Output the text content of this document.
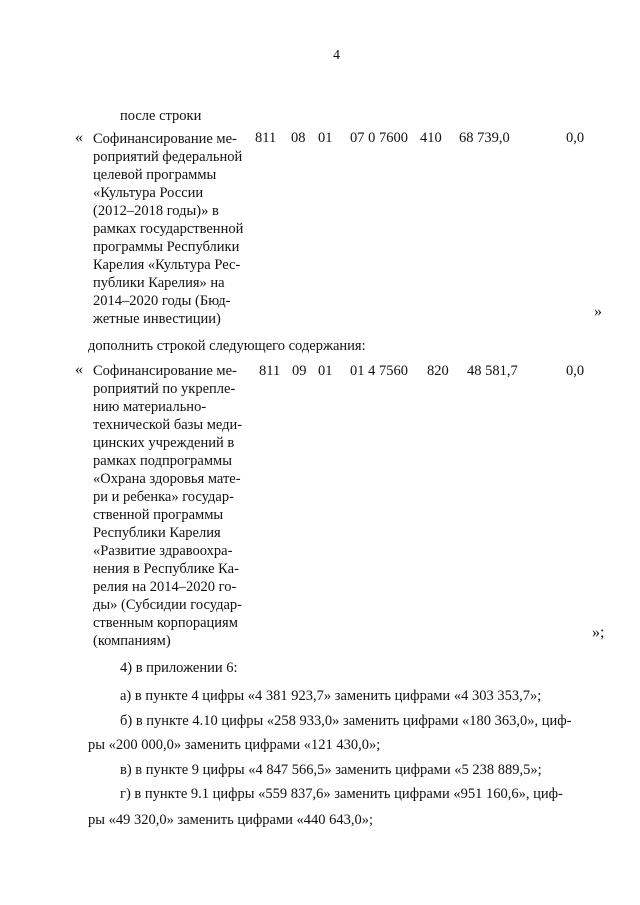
4
после строки
« Софинансирование ме-
роприятий федеральной
целевой программы
«Культура России
(2012–2018 годы)» в
рамках государственной
программы Республики
Карелия «Культура Рес-
публики Карелия» на
2014–2020 годы (Бюд-
жетные инвестиции)
811 08 01 07 0 7600 410 68 739,0	0,0
»
дополнить строкой следующего содержания:
« Софинансирование ме-
роприятий по укрепле-
нию материально-
технической базы меди-
цинских учреждений в
рамках подпрограммы
«Охрана здоровья мате-
ри и ребенка» государ-
ственной программы
Республики Карелия
«Развитие здравоохра-
нения в Республике Ка-
релия на 2014–2020 го-
ды» (Субсидии государ-
ственным корпорациям
(компаниям)
811 09 01 01 4 7560 820 48 581,7	0,0
»;
4) в приложении 6:
а) в пункте 4 цифры «4 381 923,7» заменить цифрами «4 303 353,7»;
б) в пункте 4.10 цифры «258 933,0» заменить цифрами «180 363,0», циф-
ры «200 000,0» заменить цифрами «121 430,0»;
в) в пункте 9 цифры «4 847 566,5» заменить цифрами «5 238 889,5»;
г) в пункте 9.1 цифры «559 837,6» заменить цифрами «951 160,6», циф-
ры «49 320,0» заменить цифрами «440 643,0»;
